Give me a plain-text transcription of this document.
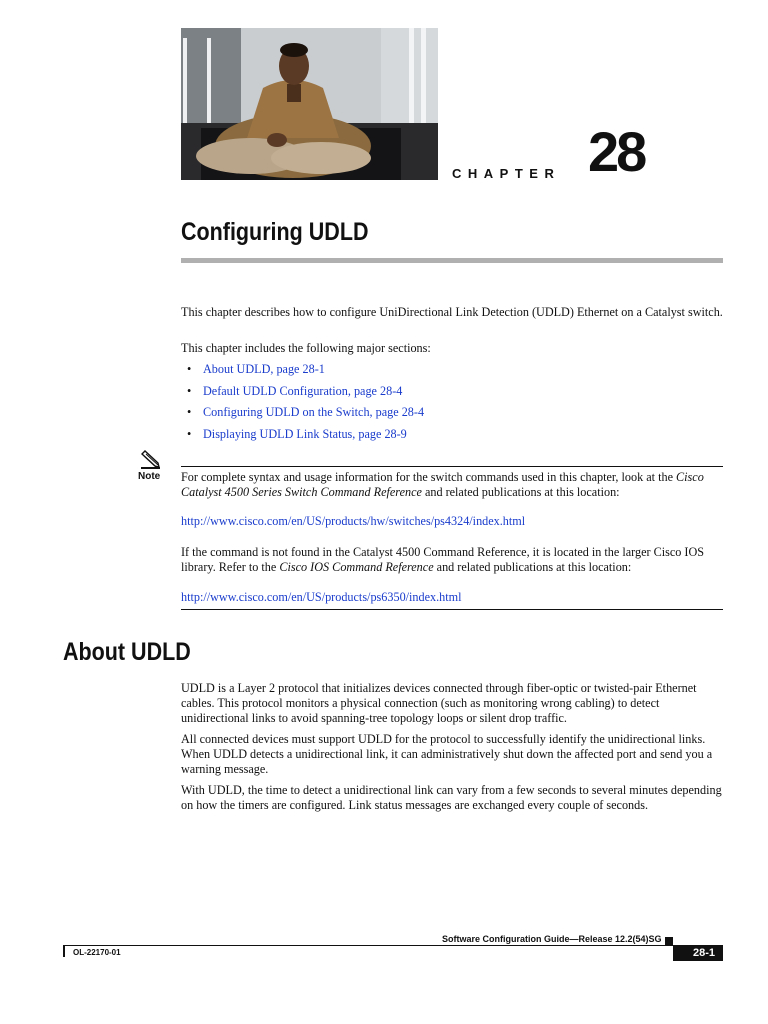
CHAPTER 28
Configuring UDLD
This chapter describes how to configure UniDirectional Link Detection (UDLD) Ethernet on a Catalyst switch.
This chapter includes the following major sections:
• About UDLD, page 28-1
• Default UDLD Configuration, page 28-4
• Configuring UDLD on the Switch, page 28-4
• Displaying UDLD Link Status, page 28-9
Note For complete syntax and usage information for the switch commands used in this chapter, look at the Cisco Catalyst 4500 Series Switch Command Reference and related publications at this location:
http://www.cisco.com/en/US/products/hw/switches/ps4324/index.html
If the command is not found in the Catalyst 4500 Command Reference, it is located in the larger Cisco IOS library. Refer to the Cisco IOS Command Reference and related publications at this location:
http://www.cisco.com/en/US/products/ps6350/index.html
About UDLD
UDLD is a Layer 2 protocol that initializes devices connected through fiber-optic or twisted-pair Ethernet cables. This protocol monitors a physical connection (such as monitoring wrong cabling) to detect unidirectional links to avoid spanning-tree topology loops or silent drop traffic.
All connected devices must support UDLD for the protocol to successfully identify the unidirectional links. When UDLD detects a unidirectional link, it can administratively shut down the affected port and send you a warning message.
With UDLD, the time to detect a unidirectional link can vary from a few seconds to several minutes depending on how the timers are configured. Link status messages are exchanged every couple of seconds.
Software Configuration Guide—Release 12.2(54)SG
OL-22170-01	28-1
